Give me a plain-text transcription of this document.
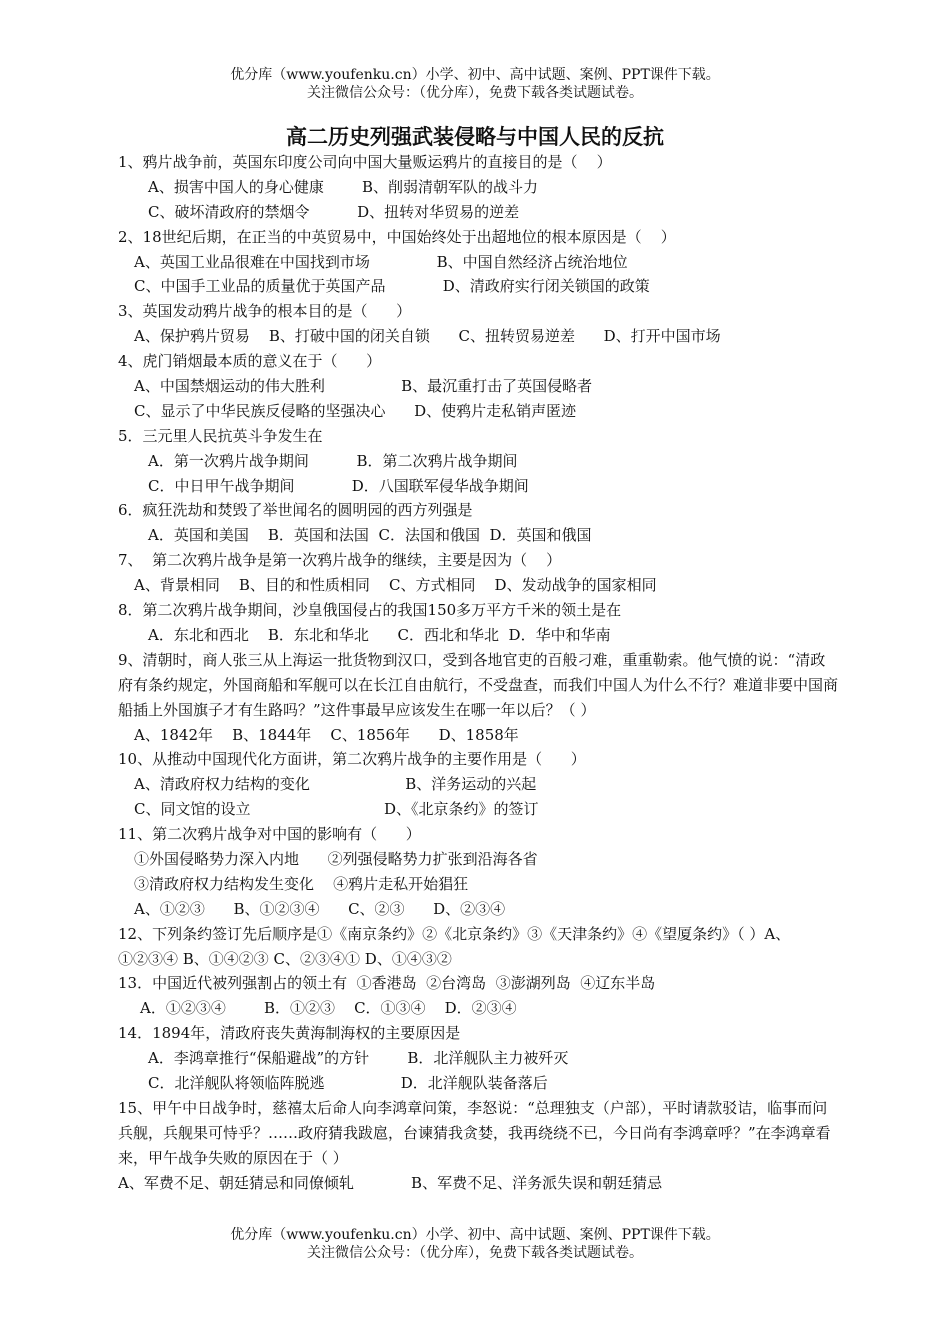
优分库（www.youfenku.cn）小学、初中、高中试题、案例、PPT课件下载。
关注微信公众号：（优分库），免费下载各类试题试卷。
高二历史列强武装侵略与中国人民的反抗
1、鸦片战争前，英国东印度公司向中国大量贩运鸦片的直接目的是（    ）
A、损害中国人的身心健康        B、削弱清朝军队的战斗力
C、破坏清政府的禁烟令          D、扭转对华贸易的逆差
2、18世纪后期，在正当的中英贸易中，中国始终处于出超地位的根本原因是（    ）
A、英国工业品很难在中国找到市场              B、中国自然经济占统治地位
C、中国手工业品的质量优于英国产品            D、清政府实行闭关锁国的政策
3、英国发动鸦片战争的根本目的是（      ）
A、保护鸦片贸易    B、打破中国的闭关自锁      C、扭转贸易逆差      D、打开中国市场
4、虎门销烟最本质的意义在于（      ）
A、中国禁烟运动的伟大胜利                B、最沉重打击了英国侵略者
C、显示了中华民族反侵略的坚强决心      D、使鸦片走私销声匿迹
5．三元里人民抗英斗争发生在
A．第一次鸦片战争期间          B．第二次鸦片战争期间
C．中日甲午战争期间            D．八国联军侵华战争期间
6．疯狂洗劫和焚毁了举世闻名的圆明园的西方列强是
A．英国和美国    B．英国和法国  C．法国和俄国  D．英国和俄国
7、  第二次鸦片战争是第一次鸦片战争的继续，主要是因为（    ）
A、背景相同    B、目的和性质相同    C、方式相同    D、发动战争的国家相同
8．第二次鸦片战争期间，沙皇俄国侵占的我国150多万平方千米的领土是在
A．东北和西北    B．东北和华北      C．西北和华北  D．华中和华南
9、清朝时，商人张三从上海运一批货物到汉口，受到各地官吏的百般刁难，重重勒索。他气愤的说：“清政府有条约规定，外国商船和军舰可以在长江自由航行，不受盘查，而我们中国人为什么不行？难道非要中国商船插上外国旗子才有生路吗？”这件事最早应该发生在哪一年以后？（ ）
A、1842年    B、1844年    C、1856年      D、1858年
10、从推动中国现代化方面讲，第二次鸦片战争的主要作用是（      ）
A、清政府权力结构的变化                    B、洋务运动的兴起
C、同文馆的设立                            D、《北京条约》的签订
11、第二次鸦片战争对中国的影响有（      ）
①外国侵略势力深入内地      ②列强侵略势力扩张到沿海各省
③清政府权力结构发生变化    ④鸦片走私开始猖狂
A、①②③      B、①②③④      C、②③      D、②③④
12、下列条约签订先后顺序是①《南京条约》②《北京条约》③《天津条约》④《望厦条约》（ ）A、①②③④ B、①④②③ C、②③④① D、①④③②
13．中国近代被列强割占的领土有  ①香港岛  ②台湾岛  ③澎湖列岛  ④辽东半岛
A．①②③④        B．①②③    C．①③④    D．②③④
14．1894年，清政府丧失黄海制海权的主要原因是
A．李鸿章推行“保船避战”的方针        B．北洋舰队主力被歼灭
C．北洋舰队将领临阵脱逃                D．北洋舰队装备落后
15、甲午中日战争时，慈禧太后命人向李鸿章问策，李怒说：“总理独支（户部），平时请款驳诘，临事而问兵舰，兵舰果可恃乎？……政府猜我跋扈，台谏猜我贪婪，我再绕绕不已，今日尚有李鸿章呼？”在李鸿章看来，甲午战争失败的原因在于（ ）
A、军费不足、朝廷猜忌和同僚倾轧            B、军费不足、洋务派失误和朝廷猜忌
优分库（www.youfenku.cn）小学、初中、高中试题、案例、PPT课件下载。
关注微信公众号：（优分库），免费下载各类试题试卷。
